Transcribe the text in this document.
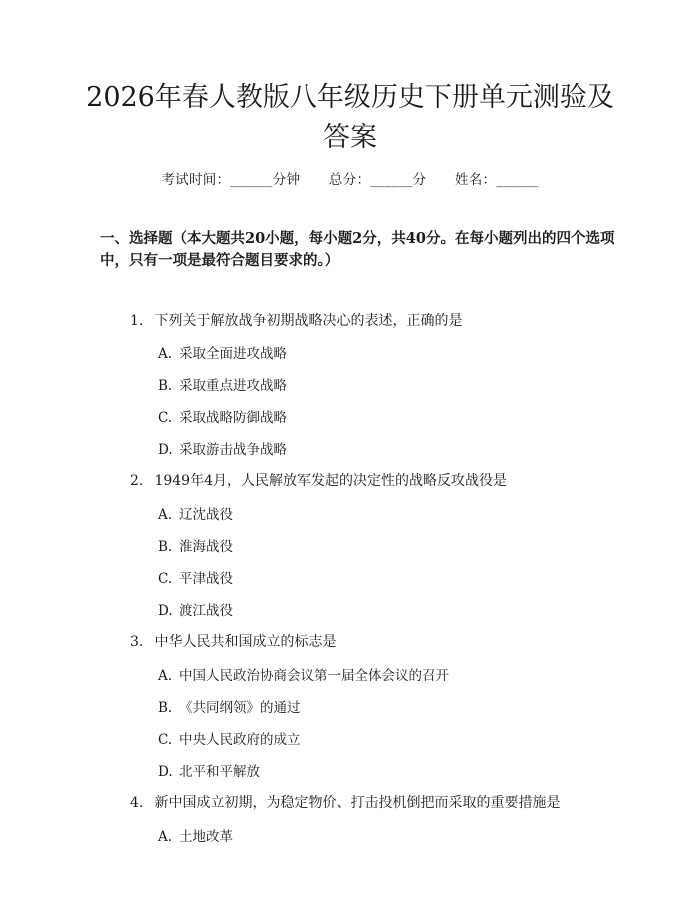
2026年春人教版八年级历史下册单元测验及
答案
考试时间：______分钟 总分：______分 姓名：______
一、选择题（本大题共20小题，每小题2分，共40分。在每小题列出的四个选项中，只有一项是最符合题目要求的。）
1. 下列关于解放战争初期战略决心的表述，正确的是
A. 采取全面进攻战略
B. 采取重点进攻战略
C. 采取战略防御战略
D. 采取游击战争战略
2. 1949年4月，人民解放军发起的决定性的战略反攻战役是
A. 辽沈战役
B. 淮海战役
C. 平津战役
D. 渡江战役
3. 中华人民共和国成立的标志是
A. 中国人民政治协商会议第一届全体会议的召开
B. 《共同纲领》的通过
C. 中央人民政府的成立
D. 北平和平解放
4. 新中国成立初期，为稳定物价、打击投机倒把而采取的重要措施是
A. 土地改革
